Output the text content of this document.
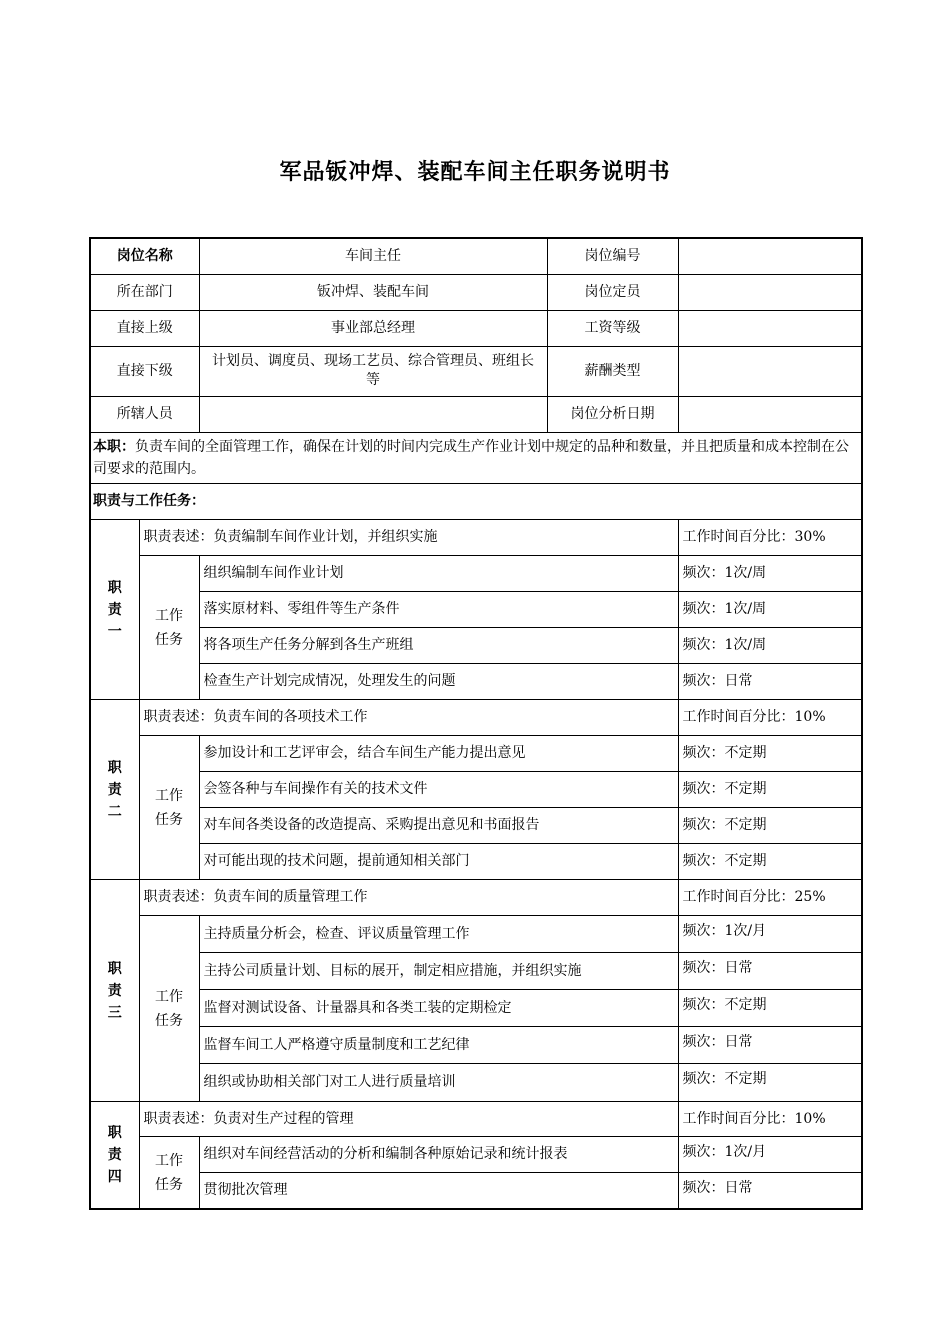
军品钣冲焊、装配车间主任职务说明书
岗位名称		车间主任	岗位编号	
所在部门		钣冲焊、装配车间	岗位定员	
直接上级		事业部总经理	工资等级	
直接下级		计划员、调度员、现场工艺员、综合管理员、班组长等	薪酬类型	
所辖人员			岗位分析日期	
本职：负责车间的全面管理工作，确保在计划的时间内完成生产作业计划中规定的品种和数量，并且把质量和成本控制在公司要求的范围内。				
职责与工作任务：				
职责一	职责表述：负责编制车间作业计划，并组织实施			工作时间百分比：30%
	工作任务	组织编制车间作业计划		频次：1次/周
		落实原材料、零组件等生产条件		频次：1次/周
		将各项生产任务分解到各生产班组		频次：1次/周
		检查生产计划完成情况，处理发生的问题		频次：日常
职责二	职责表述：负责车间的各项技术工作			工作时间百分比：10%
	工作任务	参加设计和工艺评审会，结合车间生产能力提出意见		频次：不定期
		会签各种与车间操作有关的技术文件		频次：不定期
		对车间各类设备的改造提高、采购提出意见和书面报告		频次：不定期
		对可能出现的技术问题，提前通知相关部门		频次：不定期
职责三	职责表述：负责车间的质量管理工作			工作时间百分比：25%
	工作任务	主持质量分析会，检查、评议质量管理工作		频次：1次/月
		主持公司质量计划、目标的展开，制定相应措施，并组织实施		频次：日常
		监督对测试设备、计量器具和各类工装的定期检定		频次：不定期
		监督车间工人严格遵守质量制度和工艺纪律		频次：日常
		组织或协助相关部门对工人进行质量培训		频次：不定期
职责四	职责表述：负责对生产过程的管理			工作时间百分比：10%
	工作任务	组织对车间经营活动的分析和编制各种原始记录和统计报表		频次：1次/月
		贯彻批次管理		频次：日常
